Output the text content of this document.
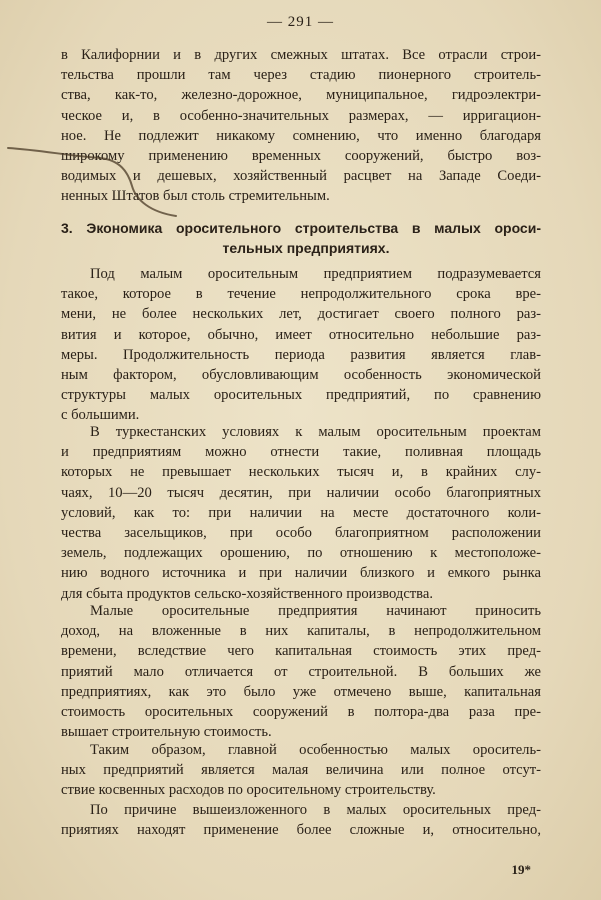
— 291 —
в Калифорнии и в других смежных штатах. Все отрасли строи-
тельства прошли там через стадию пионерного строитель-
ства, как-то, железно-дорожное, муниципальное, гидроэлектри-
ческое и, в особенно-значительных размерах, — ирригацион-
ное. Не подлежит никакому сомнению, что именно благодаря
широкому применению временных сооружений, быстро воз-
водимых и дешевых, хозяйственный расцвет на Западе Соеди-
ненных Штатов был столь стремительным.
3. Экономика оросительного строительства в малых ороси-
тельных предприятиях.
Под малым оросительным предприятием подразумевается
такое, которое в течение непродолжительного срока вре-
мени, не более нескольких лет, достигает своего полного раз-
вития и которое, обычно, имеет относительно небольшие раз-
меры. Продолжительность периода развития является глав-
ным фактором, обусловливающим особенность экономической
структуры малых оросительных предприятий, по сравнению
с большими.
В туркестанских условиях к малым оросительным проектам
и предприятиям можно отнести такие, поливная площадь
которых не превышает нескольких тысяч и, в крайних слу-
чаях, 10—20 тысяч десятин, при наличии особо благоприятных
условий, как то: при наличии на месте достаточного коли-
чества засельщиков, при особо благоприятном расположении
земель, подлежащих орошению, по отношению к местоположе-
нию водного источника и при наличии близкого и емкого рынка
для сбыта продуктов сельско-хозяйственного производства.
Малые оросительные предприятия начинают приносить
доход, на вложенные в них капиталы, в непродолжительном
времени, вследствие чего капитальная стоимость этих пред-
приятий мало отличается от строительной. В больших же
предприятиях, как это было уже отмечено выше, капитальная
стоимость оросительных сооружений в полтора-два раза пре-
вышает строительную стоимость.
Таким образом, главной особенностью малых ороситель-
ных предприятий является малая величина или полное отсут-
ствие косвенных расходов по оросительному строительству.
По причине вышеизложенного в малых оросительных пред-
приятиях находят применение более сложные и, относительно,
19*
